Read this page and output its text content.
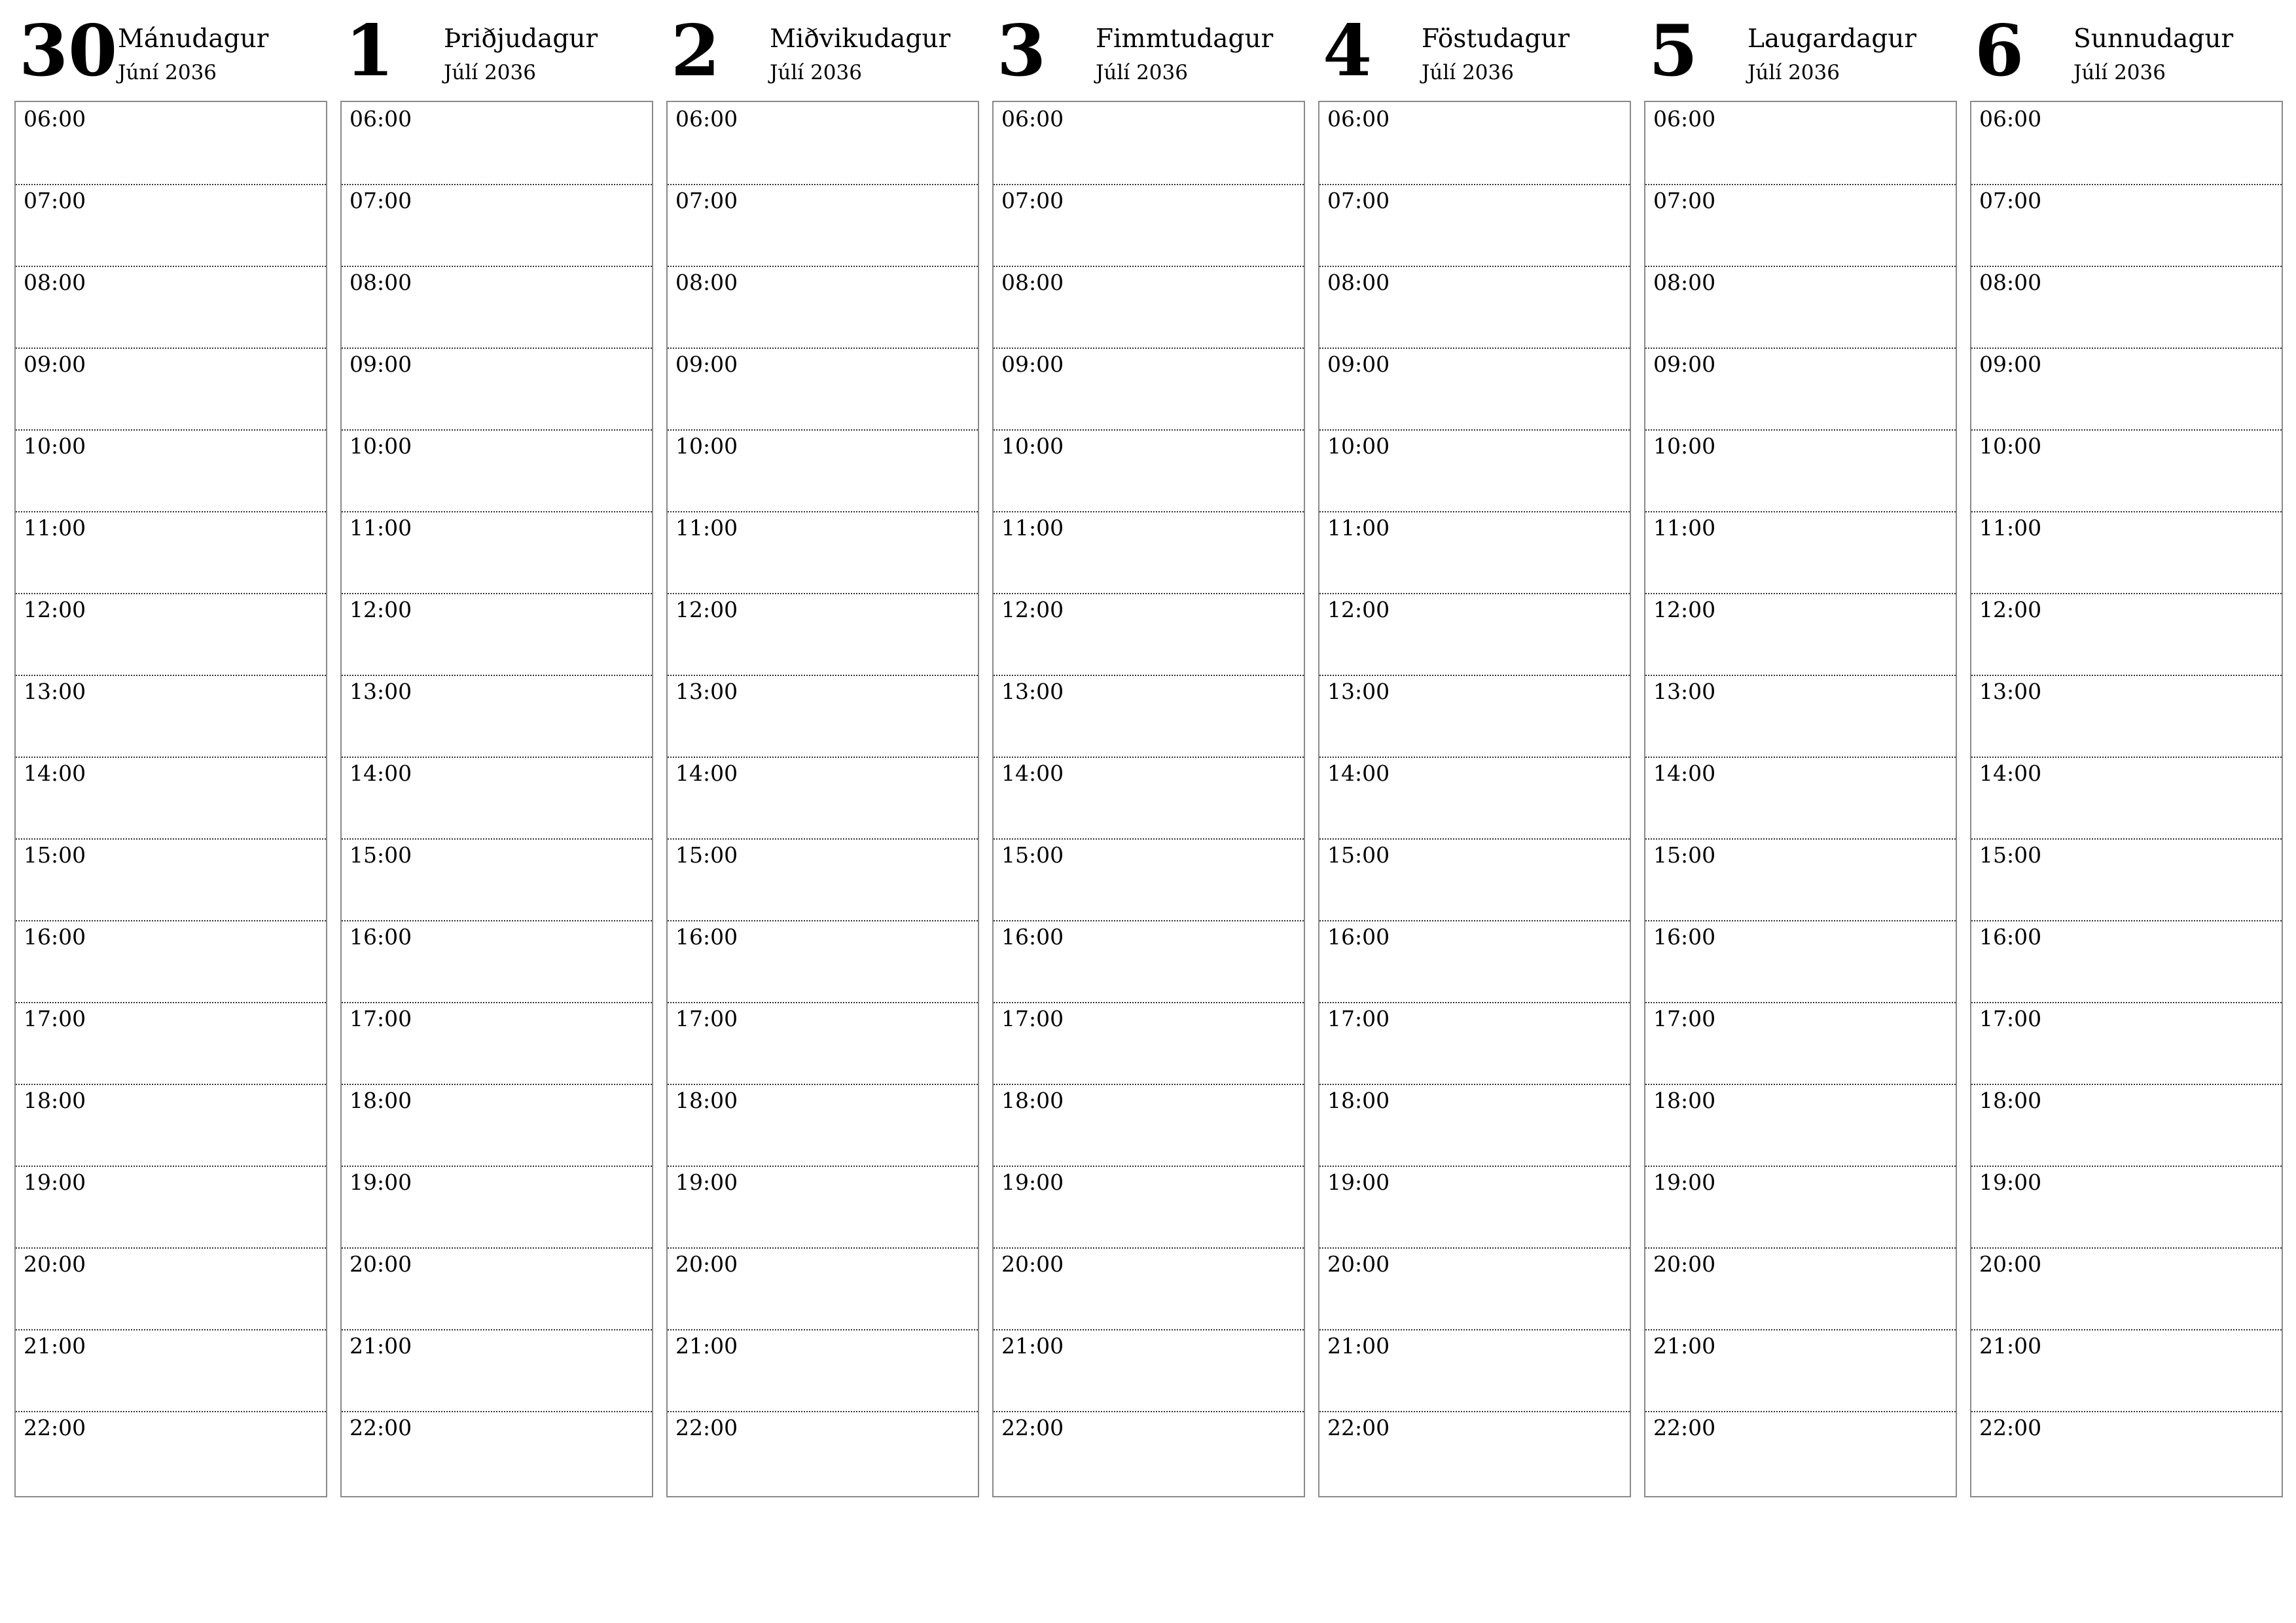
30 Mánudagur
Júní 2036
06:00
07:00
08:00
09:00
10:00
11:00
12:00
13:00
14:00
15:00
16:00
17:00
18:00
19:00
20:00
21:00
22:00
1 Þriðjudagur
Júlí 2036
06:00
07:00
08:00
09:00
10:00
11:00
12:00
13:00
14:00
15:00
16:00
17:00
18:00
19:00
20:00
21:00
22:00
2 Miðvikudagur
Júlí 2036
06:00
07:00
08:00
09:00
10:00
11:00
12:00
13:00
14:00
15:00
16:00
17:00
18:00
19:00
20:00
21:00
22:00
3 Fimmtudagur
Júlí 2036
06:00
07:00
08:00
09:00
10:00
11:00
12:00
13:00
14:00
15:00
16:00
17:00
18:00
19:00
20:00
21:00
22:00
4 Föstudagur
Júlí 2036
06:00
07:00
08:00
09:00
10:00
11:00
12:00
13:00
14:00
15:00
16:00
17:00
18:00
19:00
20:00
21:00
22:00
5 Laugardagur
Júlí 2036
06:00
07:00
08:00
09:00
10:00
11:00
12:00
13:00
14:00
15:00
16:00
17:00
18:00
19:00
20:00
21:00
22:00
6 Sunnudagur
Júlí 2036
06:00
07:00
08:00
09:00
10:00
11:00
12:00
13:00
14:00
15:00
16:00
17:00
18:00
19:00
20:00
21:00
22:00
